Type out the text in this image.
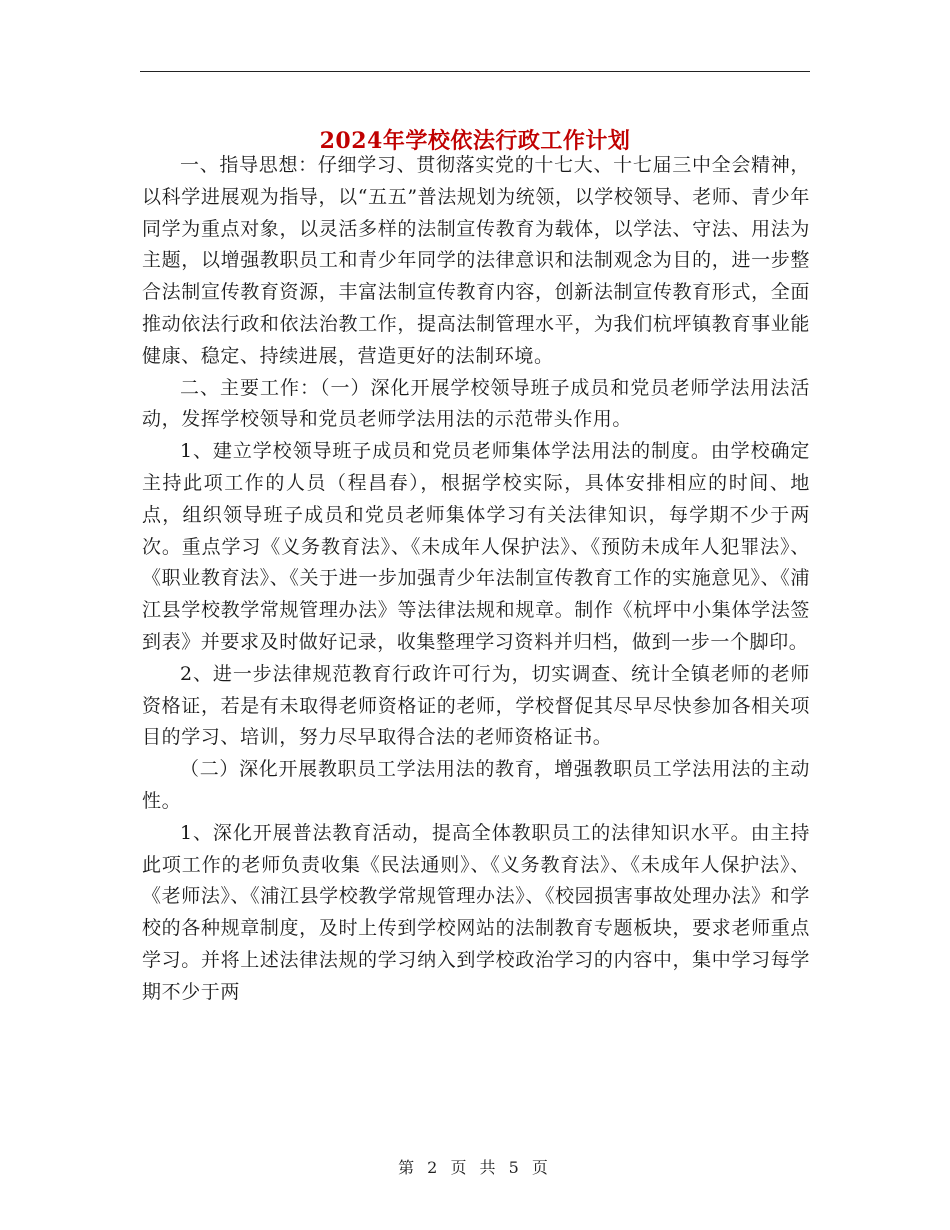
2024年学校依法行政工作计划

一、指导思想：仔细学习、贯彻落实党的十七大、十七届三中全会精神，以科学进展观为指导，以“五五”普法规划为统领，以学校领导、老师、青少年同学为重点对象，以灵活多样的法制宣传教育为载体，以学法、守法、用法为主题，以增强教职员工和青少年同学的法律意识和法制观念为目的，进一步整合法制宣传教育资源，丰富法制宣传教育内容，创新法制宣传教育形式，全面推动依法行政和依法治教工作，提高法制管理水平，为我们杭坪镇教育事业能健康、稳定、持续进展，营造更好的法制环境。

二、主要工作：（一）深化开展学校领导班子成员和党员老师学法用法活动，发挥学校领导和党员老师学法用法的示范带头作用。

1、建立学校领导班子成员和党员老师集体学法用法的制度。由学校确定主持此项工作的人员（程昌春），根据学校实际，具体安排相应的时间、地点，组织领导班子成员和党员老师集体学习有关法律知识，每学期不少于两次。重点学习《义务教育法》、《未成年人保护法》、《预防未成年人犯罪法》、《职业教育法》、《关于进一步加强青少年法制宣传教育工作的实施意见》、《浦江县学校教学常规管理办法》等法律法规和规章。制作《杭坪中小集体学法签到表》并要求及时做好记录，收集整理学习资料并归档，做到一步一个脚印。

2、进一步法律规范教育行政许可行为，切实调查、统计全镇老师的老师资格证，若是有未取得老师资格证的老师，学校督促其尽早尽快参加各相关项目的学习、培训，努力尽早取得合法的老师资格证书。

（二）深化开展教职员工学法用法的教育，增强教职员工学法用法的主动性。

1、深化开展普法教育活动，提高全体教职员工的法律知识水平。由主持此项工作的老师负责收集《民法通则》、《义务教育法》、《未成年人保护法》、《老师法》、《浦江县学校教学常规管理办法》、《校园损害事故处理办法》和学校的各种规章制度，及时上传到学校网站的法制教育专题板块，要求老师重点学习。并将上述法律法规的学习纳入到学校政治学习的内容中，集中学习每学期不少于两

第 2 页 共 5 页
